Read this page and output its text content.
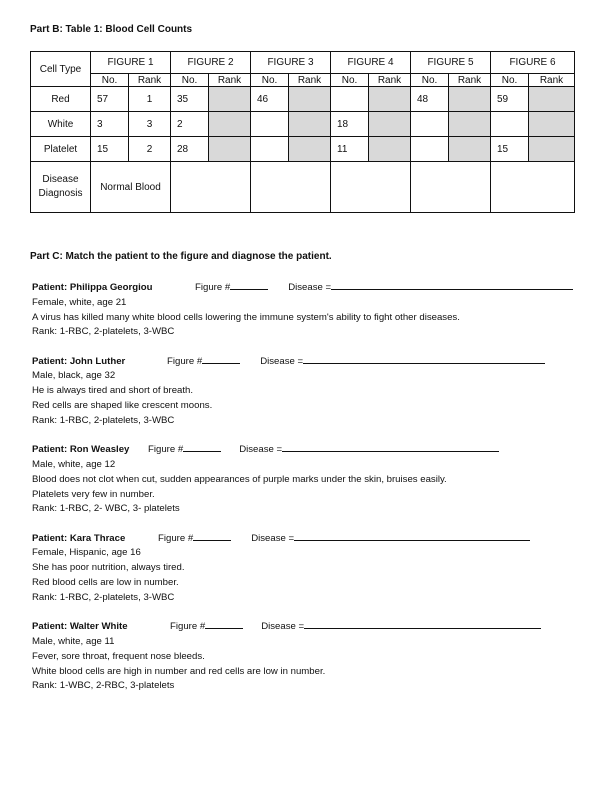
Part B: Table 1: Blood Cell Counts
Cell Type	FIGURE 1		FIGURE 2		FIGURE 3		FIGURE 4		FIGURE 5		FIGURE 6	
	No.	Rank	No.	Rank	No.	Rank	No.	Rank	No.	Rank	No.	Rank
Red	57	1	35		46				48		59	
White	3	3	2				18					
Platelet	15	2	28				11				15	
Disease
Diagnosis	Normal Blood											
Part C: Match the patient to the figure and diagnose the patient.
Patient: Philippa Georgiou	Figure #	Disease =
Female, white, age 21
A virus has killed many white blood cells lowering the immune system's ability to fight other diseases.
Rank: 1-RBC, 2-platelets, 3-WBC
Patient: John Luther	Figure #	Disease =
Male, black, age 32
He is always tired and short of breath.
Red cells are shaped like crescent moons.
Rank: 1-RBC, 2-platelets, 3-WBC
Patient: Ron Weasley Figure #	Disease =
Male, white, age 12
Blood does not clot when cut, sudden appearances of purple marks under the skin, bruises easily.
Platelets very few in number.
Rank: 1-RBC, 2- WBC, 3- platelets
Patient: Kara Thrace	Figure #	Disease =
Female, Hispanic, age 16
She has poor nutrition, always tired.
Red blood cells are low in number.
Rank: 1-RBC, 2-platelets, 3-WBC
Patient: Walter White	Figure #	Disease =
Male, white, age 11
Fever, sore throat, frequent nose bleeds.
White blood cells are high in number and red cells are low in number.
Rank: 1-WBC, 2-RBC, 3-platelets
